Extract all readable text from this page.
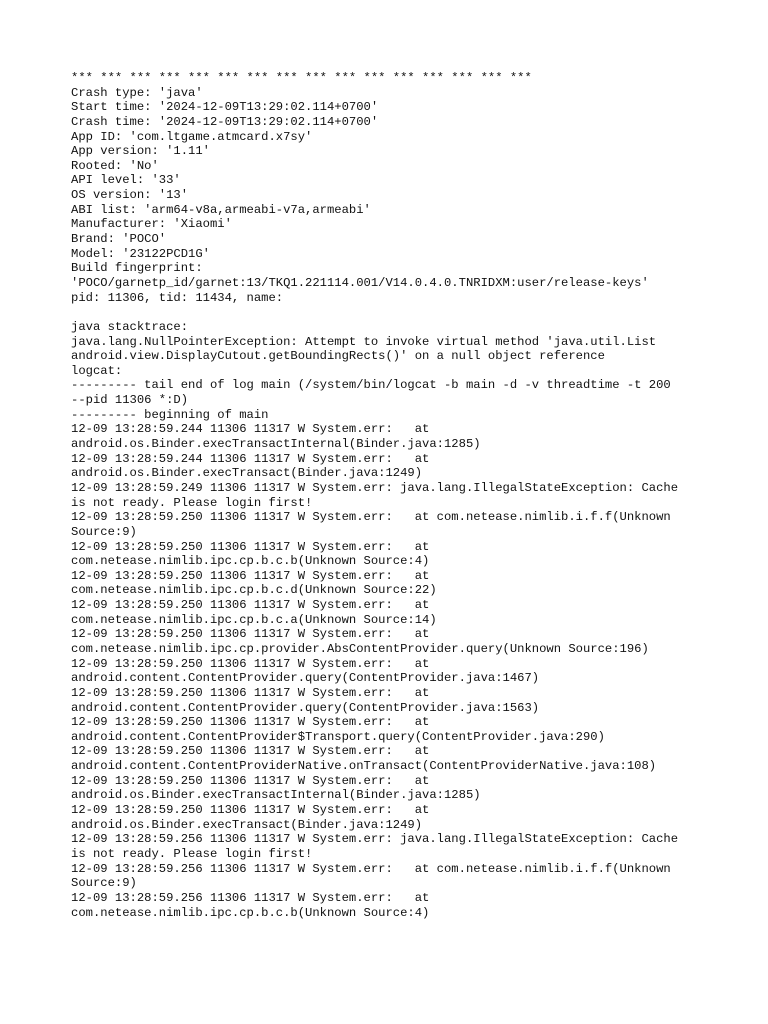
*** *** *** *** *** *** *** *** *** *** *** *** *** *** *** ***
Crash type: 'java'
Start time: '2024-12-09T13:29:02.114+0700'
Crash time: '2024-12-09T13:29:02.114+0700'
App ID: 'com.ltgame.atmcard.x7sy'
App version: '1.11'
Rooted: 'No'
API level: '33'
OS version: '13'
ABI list: 'arm64-v8a,armeabi-v7a,armeabi'
Manufacturer: 'Xiaomi'
Brand: 'POCO'
Model: '23122PCD1G'
Build fingerprint:
'POCO/garnetp_id/garnet:13/TKQ1.221114.001/V14.0.4.0.TNRIDXM:user/release-keys'
pid: 11306, tid: 11434, name:
java stacktrace:
java.lang.NullPointerException: Attempt to invoke virtual method 'java.util.List
android.view.DisplayCutout.getBoundingRects()' on a null object reference
logcat:
--------- tail end of log main (/system/bin/logcat -b main -d -v threadtime -t 200
--pid 11306 *:D)
--------- beginning of main
12-09 13:28:59.244 11306 11317 W System.err:   at
android.os.Binder.execTransactInternal(Binder.java:1285)
12-09 13:28:59.244 11306 11317 W System.err:   at
android.os.Binder.execTransact(Binder.java:1249)
12-09 13:28:59.249 11306 11317 W System.err: java.lang.IllegalStateException: Cache
is not ready. Please login first!
12-09 13:28:59.250 11306 11317 W System.err:   at com.netease.nimlib.i.f.f(Unknown
Source:9)
12-09 13:28:59.250 11306 11317 W System.err:   at
com.netease.nimlib.ipc.cp.b.c.b(Unknown Source:4)
12-09 13:28:59.250 11306 11317 W System.err:   at
com.netease.nimlib.ipc.cp.b.c.d(Unknown Source:22)
12-09 13:28:59.250 11306 11317 W System.err:   at
com.netease.nimlib.ipc.cp.b.c.a(Unknown Source:14)
12-09 13:28:59.250 11306 11317 W System.err:   at
com.netease.nimlib.ipc.cp.provider.AbsContentProvider.query(Unknown Source:196)
12-09 13:28:59.250 11306 11317 W System.err:   at
android.content.ContentProvider.query(ContentProvider.java:1467)
12-09 13:28:59.250 11306 11317 W System.err:   at
android.content.ContentProvider.query(ContentProvider.java:1563)
12-09 13:28:59.250 11306 11317 W System.err:   at
android.content.ContentProvider$Transport.query(ContentProvider.java:290)
12-09 13:28:59.250 11306 11317 W System.err:   at
android.content.ContentProviderNative.onTransact(ContentProviderNative.java:108)
12-09 13:28:59.250 11306 11317 W System.err:   at
android.os.Binder.execTransactInternal(Binder.java:1285)
12-09 13:28:59.250 11306 11317 W System.err:   at
android.os.Binder.execTransact(Binder.java:1249)
12-09 13:28:59.256 11306 11317 W System.err: java.lang.IllegalStateException: Cache
is not ready. Please login first!
12-09 13:28:59.256 11306 11317 W System.err:   at com.netease.nimlib.i.f.f(Unknown
Source:9)
12-09 13:28:59.256 11306 11317 W System.err:   at
com.netease.nimlib.ipc.cp.b.c.b(Unknown Source:4)
